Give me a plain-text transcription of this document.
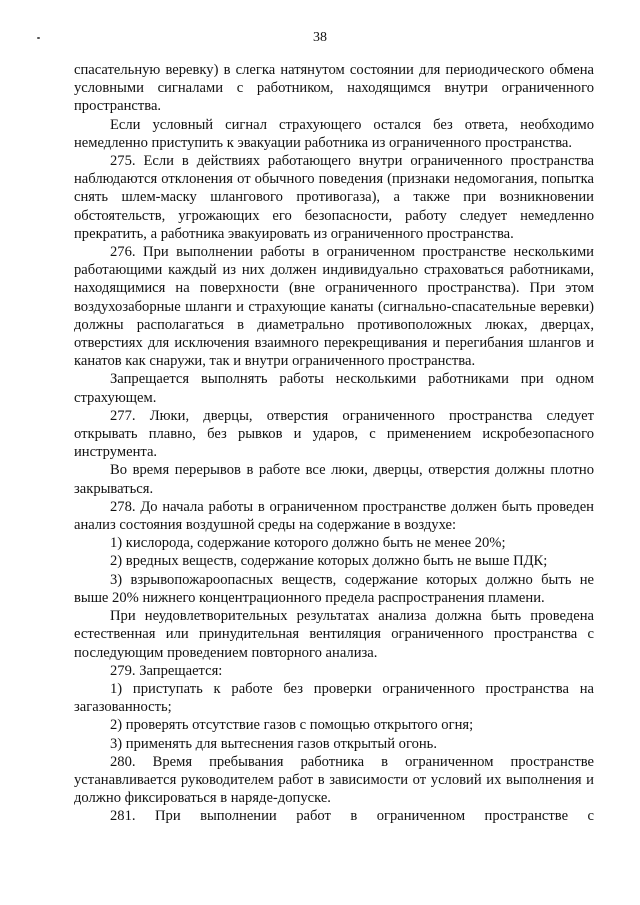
38

спасательную веревку) в слегка натянутом состоянии для периодического обмена условными сигналами с работником, находящимся внутри ограниченного пространства.

Если условный сигнал страхующего остался без ответа, необходимо немедленно приступить к эвакуации работника из ограниченного пространства.

275. Если в действиях работающего внутри ограниченного пространства наблюдаются отклонения от обычного поведения (признаки недомогания, попытка снять шлем-маску шлангового противогаза), а также при возникновении обстоятельств, угрожающих его безопасности, работу следует немедленно прекратить, а работника эвакуировать из ограниченного пространства.

276. При выполнении работы в ограниченном пространстве несколькими работающими каждый из них должен индивидуально страховаться работниками, находящимися на поверхности (вне ограниченного пространства). При этом воздухозаборные шланги и страхующие канаты (сигнально-спасательные веревки) должны располагаться в диаметрально противоположных люках, дверцах, отверстиях для исключения взаимного перекрещивания и перегибания шлангов и канатов как снаружи, так и внутри ограниченного пространства.

Запрещается выполнять работы несколькими работниками при одном страхующем.

277. Люки, дверцы, отверстия ограниченного пространства следует открывать плавно, без рывков и ударов, с применением искробезопасного инструмента.

Во время перерывов в работе все люки, дверцы, отверстия должны плотно закрываться.

278. До начала работы в ограниченном пространстве должен быть проведен анализ состояния воздушной среды на содержание в воздухе:

1) кислорода, содержание которого должно быть не менее 20%;

2) вредных веществ, содержание которых должно быть не выше ПДК;

3) взрывопожароопасных веществ, содержание которых должно быть не выше 20% нижнего концентрационного предела распространения пламени.

При неудовлетворительных результатах анализа должна быть проведена естественная или принудительная вентиляция ограниченного пространства с последующим проведением повторного анализа.

279. Запрещается:

1) приступать к работе без проверки ограниченного пространства на загазованность;

2) проверять отсутствие газов с помощью открытого огня;

3) применять для вытеснения газов открытый огонь.

280. Время пребывания работника в ограниченном пространстве устанавливается руководителем работ в зависимости от условий их выполнения и должно фиксироваться в наряде-допуске.

281. При выполнении работ в ограниченном пространстве с
